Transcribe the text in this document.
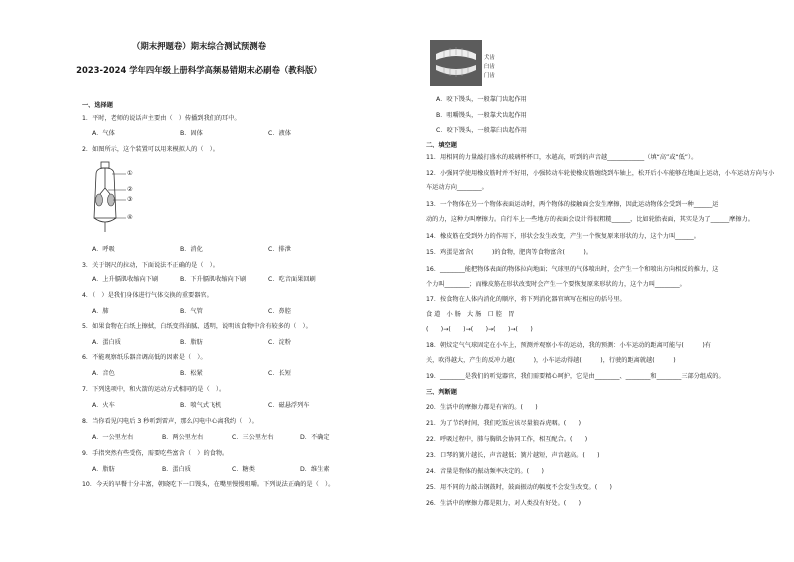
（期末押题卷）期末综合测试预测卷
2023-2024 学年四年级上册科学高频易错期末必刷卷（教科版）
一、选择题
1．平时，老师的说话声主要由（　）传播到我们的耳中。
A．气体	B．固体	C．液体
2．如图所示，这个装置可以用来模拟人的（　）。
①
②
③
④
A．呼吸	B．消化	C．排泄
3．关于钢尺的拉动，下面说法不正确的是（　）。
A．上升膈肌收缩向下刷	B．下升膈肌收缩向下刷	C．吃音面果回刷
4．（　）是我们身体进行气体交换的重要器官。
A．肺	B．气管	C．鼻腔
5．如果食物在白纸上擦拭，白纸变得油腻、透明，说明该食物中含有较多的（　）。
A．蛋白质	B．脂肪	C．淀粉
6．不能观察纸乐器音调高低的因素是（　）。
A．音色	B．松紧	C．长短
7．下列选项中，和火箭的运动方式相同的是（　）。
A．火车	B．喷气式飞机	C．磁悬浮列车
8．当你看见闪电后 3 秒听到雷声，那么闪电中心离我约（　）。
A．一公里左右	B．两公里左右	C．三公里左右	D．不确定
9．手指突然有些受伤，需要吃些富含（　）的食物。
A．脂肪	B．蛋白质	C．糖类	D．维生素
10．今天的早餐十分丰富，朝晓吃下一口馒头，在嘴里慢慢咀嚼。下列说法正确的是（　）。
犬齿
臼齿
门齿
A．咬下馒头，一般靠门齿起作用
B．咀嚼馒头，一般靠犬齿起作用
C．咬下馒头，一般靠臼齿起作用
二、填空题
11．用相同的力量敲打盛水的玻璃杯杯口，水越高，听到的声音越____________（填“高”或“低”）。
12．小强同学使用橡皮筋时并不好用，小强转动车轮使橡皮筋缠绕到车轴上，松开后小车能够在地面上运动，小车运动方向与小
车运动方向________。
13．一个物体在另一个物体表面运动时，两个物体的接触面会发生摩擦，因此运动物体会受到一种______运
动的力，这种力叫摩擦力。自行车上一些地方的表面会设计得很粗糙______，比如轮胎表面，其实是为了______摩擦力。
14．橡皮筋在受到外力的作用下，形状会发生改变，产生一个恢复原来形状的力，这个力叫______。
15．鸡蛋是富含(　　　)的食物，肥肉等食物富含(　　　)。
16．________能把物体表面的物体拉向地面；气球里的气体喷出时，会产生一个和喷出方向相反的推力，这
个力叫________；而橡皮筋在形状改变时会产生一个要恢复原来形状的力，这个力叫________。
17．按食物在人体内消化的顺序，将下列消化器官填写在相应的括号里。
食 道　小 肠　大 肠　口 腔　胃
(　　)→(　　)→(　　)→(　　)→(　　)
18．朝炆定气气球固定在小车上，预测并观察小车的运动，我的预测：小车运动的距离可能与(　　　)有
关，吹得越大，产生的反冲力越(　　　)，小车运动得越(　　　)，行驶的距离就越(　　　)
19．________是我们的听觉器官，我们需要精心呵护，它是由________、________和________三部分组成的。
三、判断题
20．生活中的摩擦力都是有害的。(　　)
21．为了节约时间，我们吃饭应该尽量狼吞虎咽。(　　)
22．呼吸过程中，肺与胸肌会协同工作，相互配合。(　　)
23．口琴的簧片越长，声音越低；簧片越短，声音越高。(　　)
24．音量是物体的振动频率决定的。(　　)
25．用不同的力敲击钢鼓时，鼓面振动的幅度不会发生改变。(　　)
26．生活中的摩擦力都是阻力，对人类没有好处。(　　)
